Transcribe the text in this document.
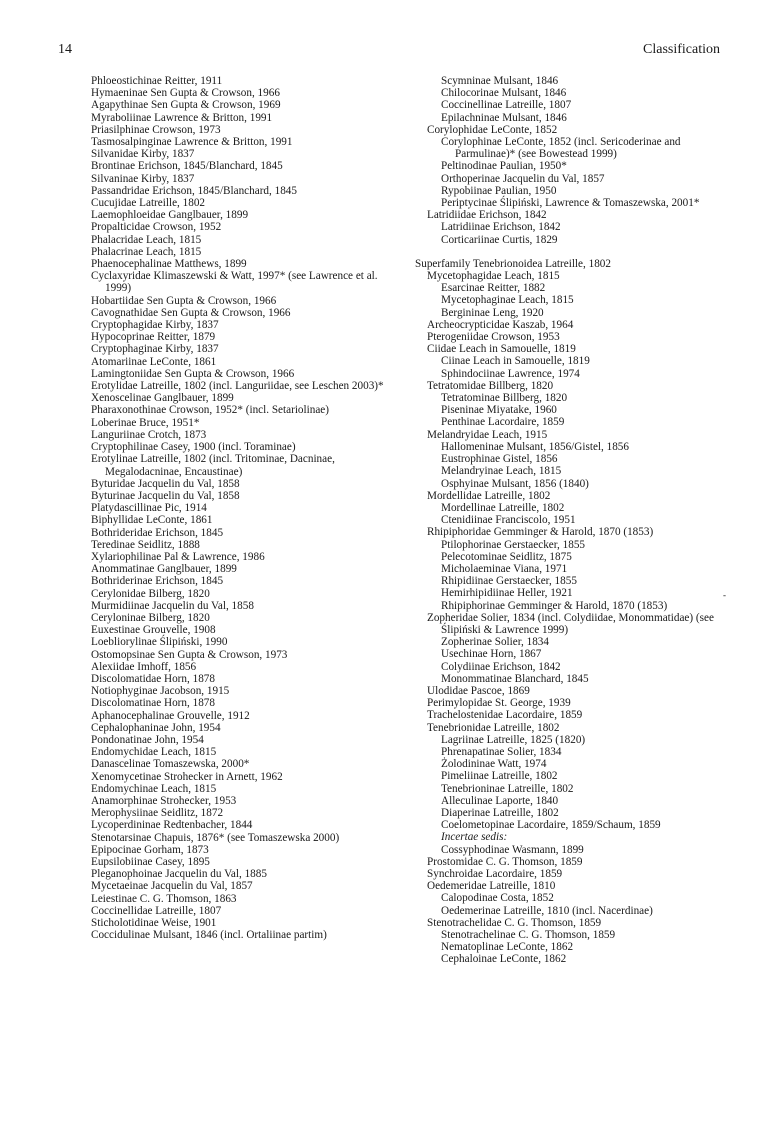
14	Classification

Phloeostichinae Reitter, 1911

Hymaeninae Sen Gupta & Crowson, 1966

Agapythinae Sen Gupta & Crowson, 1969

Myraboliinae Lawrence & Britton, 1991

Priasilphinae Crowson, 1973

Tasmosalpinginae Lawrence & Britton, 1991

Silvanidae Kirby, 1837

Brontinae Erichson, 1845/Blanchard, 1845

Silvaninae Kirby, 1837

Passandridae Erichson, 1845/Blanchard, 1845

Cucujidae Latreille, 1802

Laemophloeidae Ganglbauer, 1899

Propalticidae Crowson, 1952

Phalacridae Leach, 1815

Phalacrinae Leach, 1815

Phaenocephalinae Matthews, 1899

Cyclaxyridae Klimaszewski & Watt, 1997* (see Lawrence et al. 1999)

Hobartiidae Sen Gupta & Crowson, 1966

Cavognathidae Sen Gupta & Crowson, 1966

Cryptophagidae Kirby, 1837

Hypocoprinae Reitter, 1879

Cryptophaginae Kirby, 1837

Atomariinae LeConte, 1861

Lamingtoniidae Sen Gupta & Crowson, 1966

Erotylidae Latreille, 1802 (incl. Languriidae, see Leschen 2003)*

Xenoscelinae Ganglbauer, 1899

Pharaxonothinae Crowson, 1952* (incl. Setariolinae)

Loberinae Bruce, 1951*

Languriinae Crotch, 1873

Cryptophilinae Casey, 1900 (incl. Toraminae)

Erotylinae Latreille, 1802 (incl. Tritominae, Dacninae, Megalodacninae, Encaustinae)

Byturidae Jacquelin du Val, 1858

Byturinae Jacquelin du Val, 1858

Platydascillinae Pic, 1914

Biphyllidae LeConte, 1861

Bothrideridae Erichson, 1845

Teredinae Seidlitz, 1888

Xylariophilinae Pal & Lawrence, 1986

Anommatinae Ganglbauer, 1899

Bothriderinae Erichson, 1845

Cerylonidae Bilberg, 1820

Murmidiinae Jacquelin du Val, 1858

Ceryloninae Bilberg, 1820

Euxestinae Grouvelle, 1908

Loebliorylinae Ślipiński, 1990

Ostomopsinae Sen Gupta & Crowson, 1973

Alexiidae Imhoff, 1856

Discolomatidae Horn, 1878

Notiophyginae Jacobson, 1915

Discolomatinae Horn, 1878

Aphanocephalinae Grouvelle, 1912

Cephalophaninae John, 1954

Pondonatinae John, 1954

Endomychidae Leach, 1815

Danascelinae Tomaszewska, 2000*

Xenomycetinae Strohecker in Arnett, 1962

Endomychinae Leach, 1815

Anamorphinae Strohecker, 1953

Merophysiinae Seidlitz, 1872

Lycoperdininae Redtenbacher, 1844

Stenotarsinae Chapuis, 1876* (see Tomaszewska 2000)

Epipocinae Gorham, 1873

Eupsilobiinae Casey, 1895

Pleganophoinae Jacquelin du Val, 1885

Mycetaeinae Jacquelin du Val, 1857

Leiestinae C. G. Thomson, 1863

Coccinellidae Latreille, 1807

Sticholotidinae Weise, 1901

Coccidulinae Mulsant, 1846 (incl. Ortaliinae partim)

Scymninae Mulsant, 1846

Chilocorinae Mulsant, 1846

Coccinellinae Latreille, 1807

Epilachninae Mulsant, 1846

Corylophidae LeConte, 1852

Corylophinae LeConte, 1852 (incl. Sericoderinae and Parmulinae)* (see Bowestead 1999)

Peltinodinae Paulian, 1950*

Orthoperinae Jacquelin du Val, 1857

Rypobiinae Paulian, 1950

Periptycinae Ślipiński, Lawrence & Tomaszewska, 2001*

Latridiidae Erichson, 1842

Latridiinae Erichson, 1842

Corticariinae Curtis, 1829

Superfamily Tenebrionoidea Latreille, 1802

Mycetophagidae Leach, 1815

Esarcinae Reitter, 1882

Mycetophaginae Leach, 1815

Bergininae Leng, 1920

Archeocrypticidae Kaszab, 1964

Pterogeniidae Crowson, 1953

Ciidae Leach in Samouelle, 1819

Ciinae Leach in Samouelle, 1819

Sphindociinae Lawrence, 1974

Tetratomidae Billberg, 1820

Tetratominae Billberg, 1820

Piseninae Miyatake, 1960

Penthinae Lacordaire, 1859

Melandryidae Leach, 1915

Hallomeninae Mulsant, 1856/Gistel, 1856

Eustrophinae Gistel, 1856

Melandryinae Leach, 1815

Osphyinae Mulsant, 1856 (1840)

Mordellidae Latreille, 1802

Mordellinae Latreille, 1802

Ctenidiinae Franciscolo, 1951

Rhipiphoridae Gemminger & Harold, 1870 (1853)

Ptilophorinae Gerstaecker, 1855

Pelecotominae Seidlitz, 1875

Micholaeminae Viana, 1971

Rhipidiinae Gerstaecker, 1855

Hemirhipidiinae Heller, 1921

Rhipiphorinae Gemminger & Harold, 1870 (1853)

Zopheridae Solier, 1834 (incl. Colydiidae, Monommatidae) (see Ślipiński & Lawrence 1999)

Zopherinae Solier, 1834

Usechinae Horn, 1867

Colydiinae Erichson, 1842

Monommatinae Blanchard, 1845

Ulodidae Pascoe, 1869

Perimylopidae St. George, 1939

Trachelostenidae Lacordaire, 1859

Tenebrionidae Latreille, 1802

Lagriinae Latreille, 1825 (1820)

Phrenapatinae Solier, 1834

Żolodininae Watt, 1974

Pimeliinae Latreille, 1802

Tenebrioninae Latreille, 1802

Alleculinae Laporte, 1840

Diaperinae Latreille, 1802

Coelometopinae Lacordaire, 1859/Schaum, 1859

Incertae sedis:

Cossyphodinae Wasmann, 1899

Prostomidae C. G. Thomson, 1859

Synchroidae Lacordaire, 1859

Oedemeridae Latreille, 1810

Calopodinae Costa, 1852

Oedemerinae Latreille, 1810 (incl. Nacerdinae)

Stenotrachelidae C. G. Thomson, 1859

Stenotrachelinae C. G. Thomson, 1859

Nematoplinae LeConte, 1862

Cephaloinae LeConte, 1862

-
